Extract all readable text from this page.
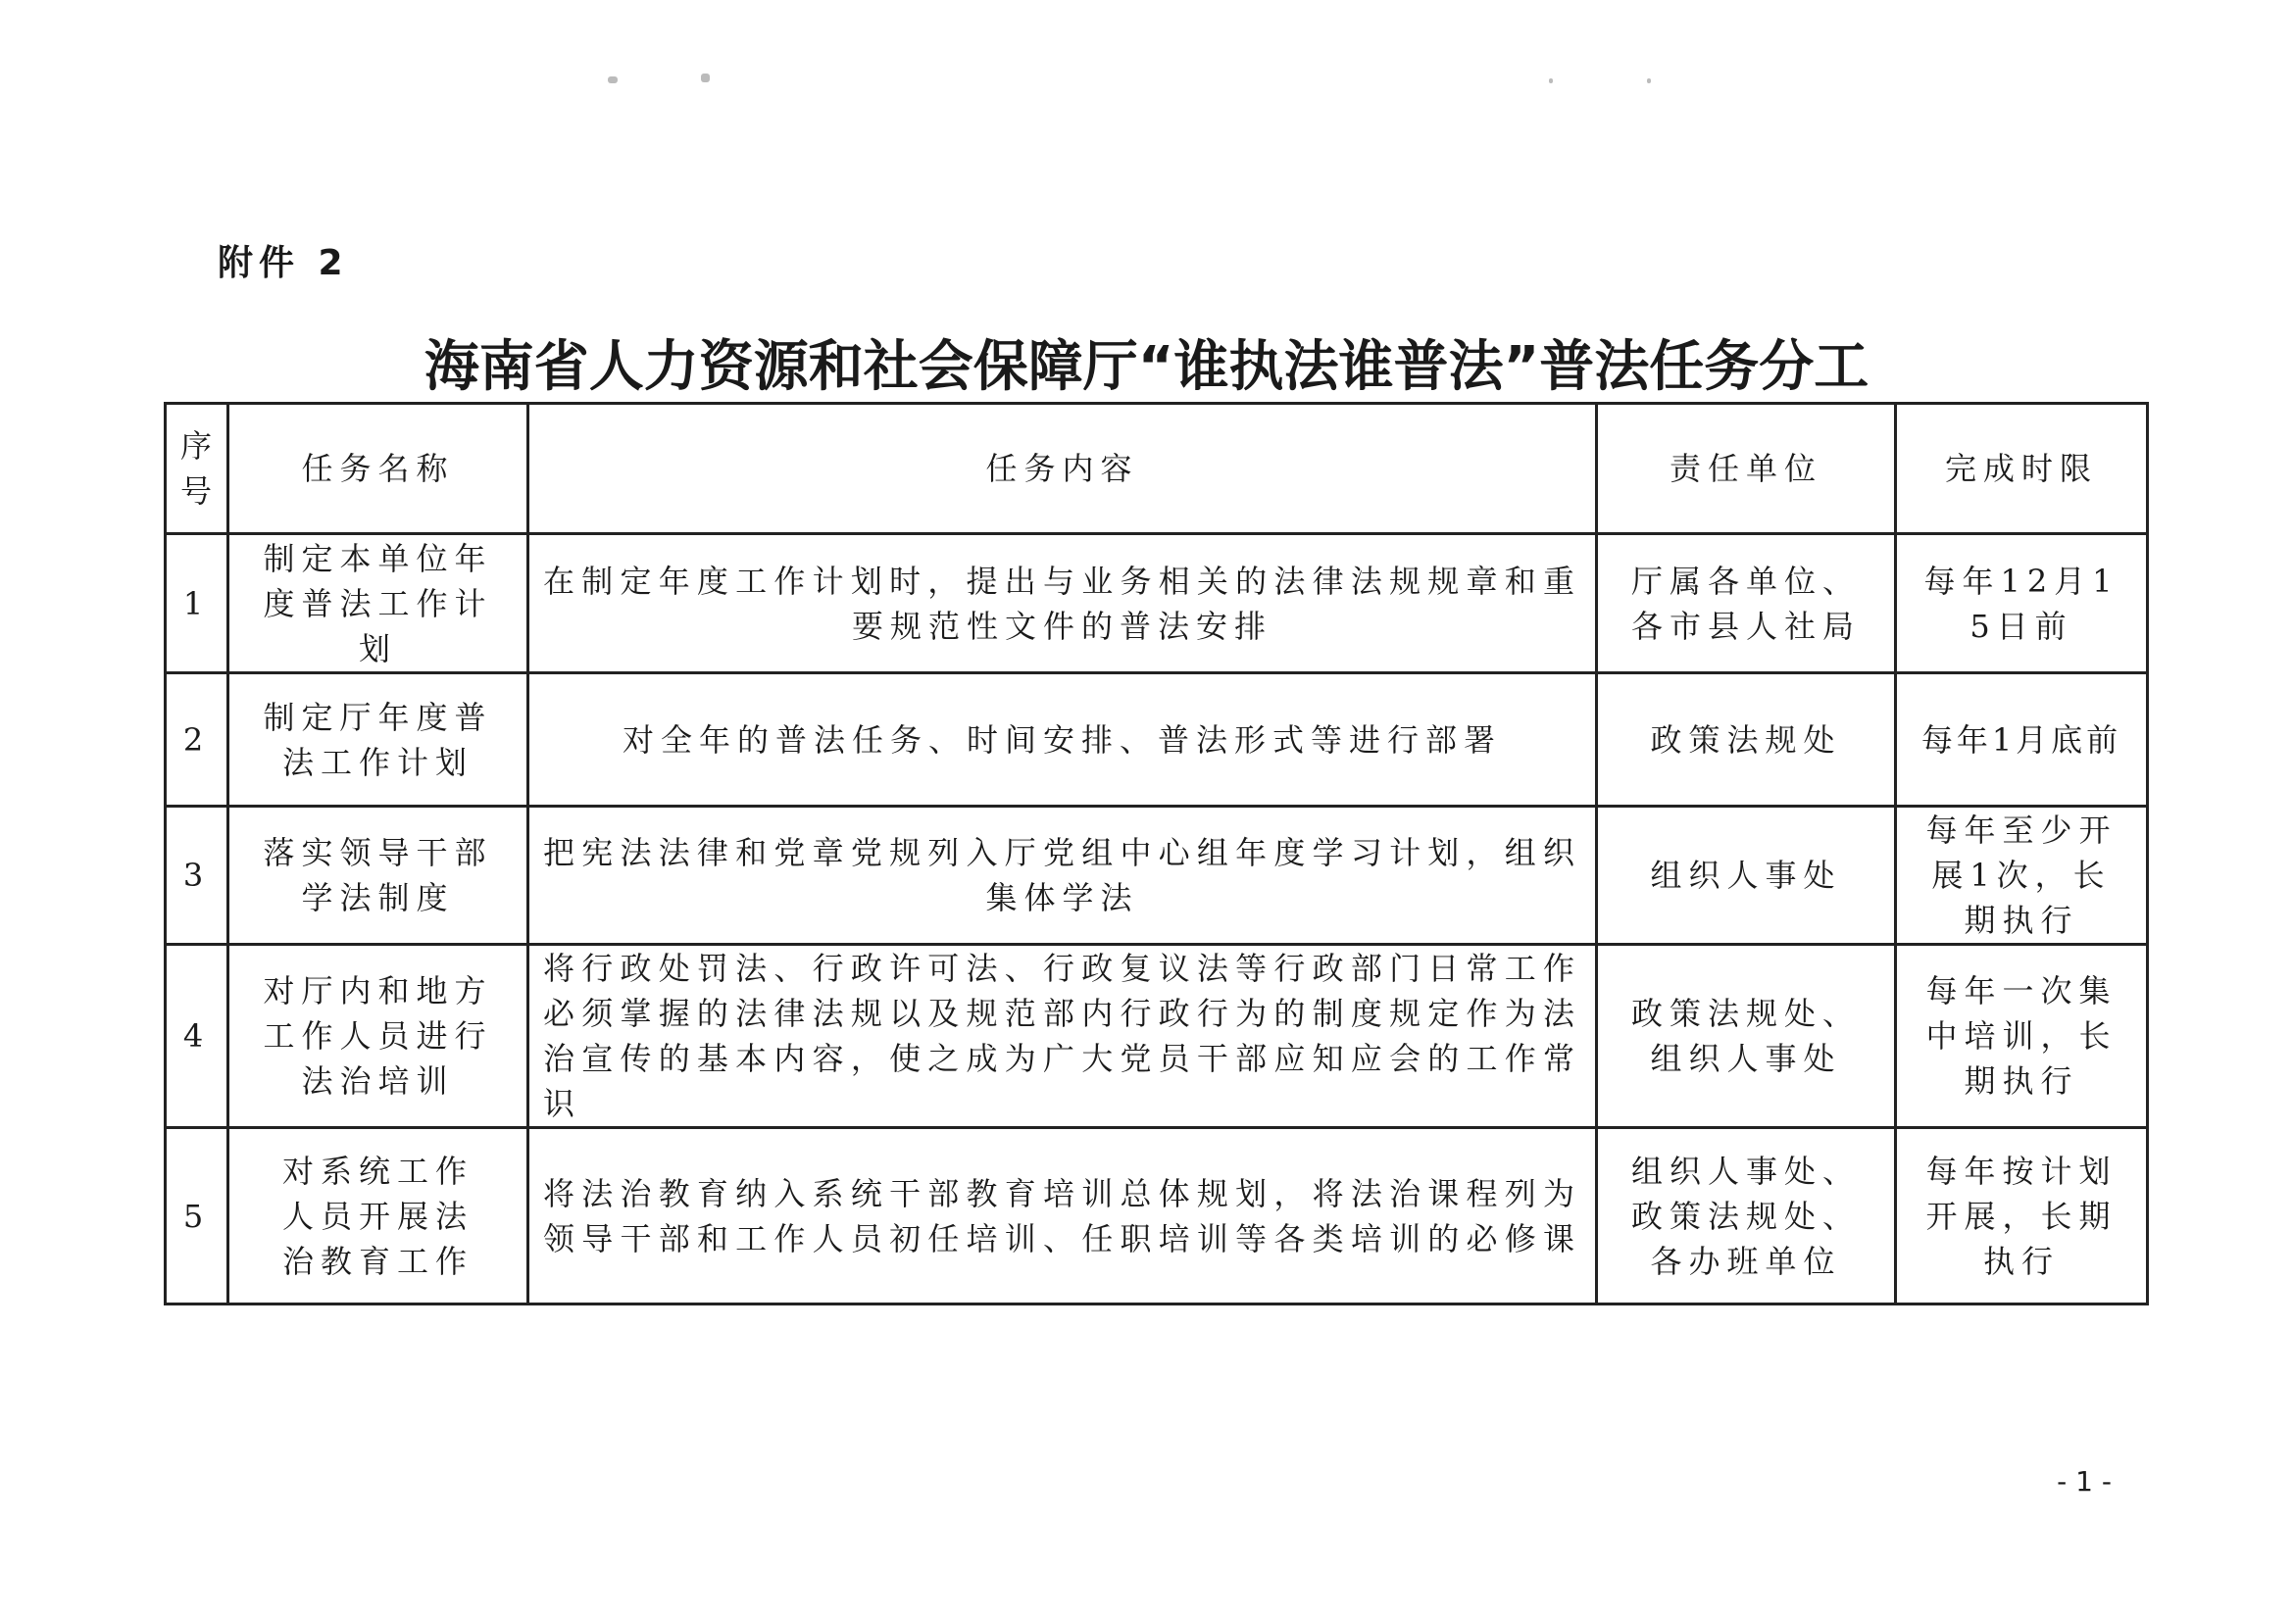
附件 2
海南省人力资源和社会保障厅“谁执法谁普法”普法任务分工
序号	任务名称	任务内容	责任单位	完成时限
1	制定本单位年度普法工作计划	在制定年度工作计划时，提出与业务相关的法律法规规章和重
要规范性文件的普法安排	厅属各单位、各市县人社局	每年12月15日前
2	制定厅年度普法工作计划	对全年的普法任务、时间安排、普法形式等进行部署	政策法规处	每年1月底前
3	落实领导干部学法制度	把宪法法律和党章党规列入厅党组中心组年度学习计划，组织
集体学法	组织人事处	每年至少开展1次，长期执行
4	对厅内和地方工作人员进行法治培训	将行政处罚法、行政许可法、行政复议法等行政部门日常工作
必须掌握的法律法规以及规范部内行政行为的制度规定作为法
治宣传的基本内容，使之成为广大党员干部应知应会的工作常
识	政策法规处、组织人事处	每年一次集中培训，长期执行
5	对系统工作人员开展法治教育工作	将法治教育纳入系统干部教育培训总体规划，将法治课程列为
领导干部和工作人员初任培训、任职培训等各类培训的必修课	组织人事处、政策法规处、各办班单位	每年按计划开展，长期执行
- 1 -
